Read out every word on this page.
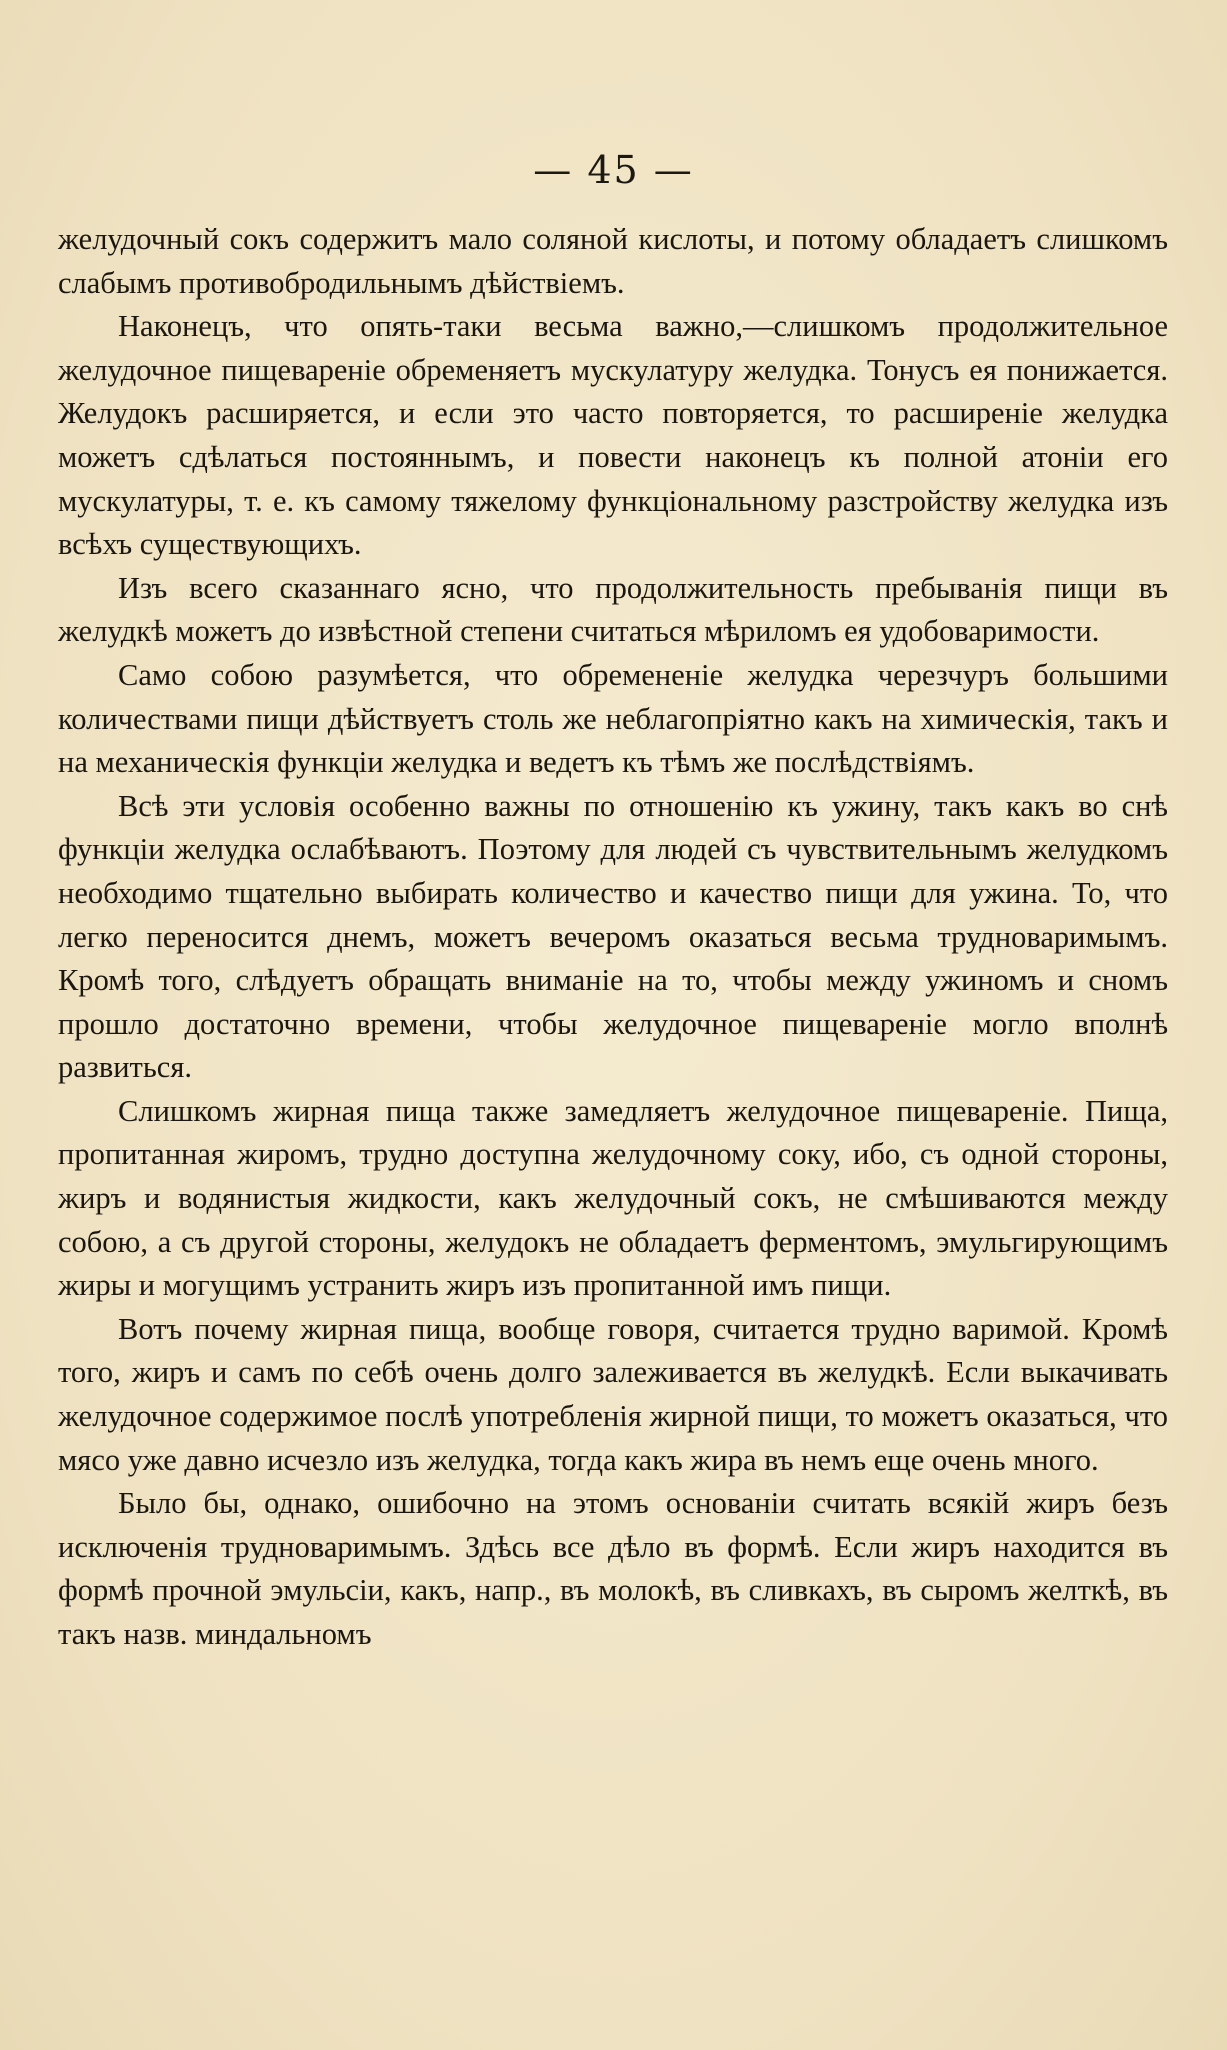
— 45 —

желудочный сокъ содержитъ мало соляной кислоты, и потому обладаетъ слишкомъ слабымъ противобродильнымъ дѣйствіемъ.

Наконецъ, что опять-таки весьма важно,—слишкомъ продолжительное желудочное пищевареніе обременяетъ мускулатуру желудка. Тонусъ ея понижается. Желудокъ расширяется, и если это часто повторяется, то расширеніе желудка можетъ сдѣлаться постояннымъ, и повести наконецъ къ полной атоніи его мускулатуры, т. е. къ самому тяжелому функціональному разстройству желудка изъ всѣхъ существующихъ.

Изъ всего сказаннаго ясно, что продолжительность пребыванія пищи въ желудкѣ можетъ до извѣстной степени считаться мѣриломъ ея удобоваримости.

Само собою разумѣется, что обремененіе желудка черезчуръ большими количествами пищи дѣйствуетъ столь же неблагопріятно какъ на химическія, такъ и на механическія функціи желудка и ведетъ къ тѣмъ же послѣдствіямъ.

Всѣ эти условія особенно важны по отношенію къ ужину, такъ какъ во снѣ функціи желудка ослабѣваютъ. Поэтому для людей съ чувствительнымъ желудкомъ необходимо тщательно выбирать количество и качество пищи для ужина. То, что легко переносится днемъ, можетъ вечеромъ оказаться весьма трудноваримымъ. Кромѣ того, слѣдуетъ обращать вниманіе на то, чтобы между ужиномъ и сномъ прошло достаточно времени, чтобы желудочное пищевареніе могло вполнѣ развиться.

Слишкомъ жирная пища также замедляетъ желудочное пищевареніе. Пища, пропитанная жиромъ, трудно доступна желудочному соку, ибо, съ одной стороны, жиръ и водянистыя жидкости, какъ желудочный сокъ, не смѣшиваются между собою, а съ другой стороны, желудокъ не обладаетъ ферментомъ, эмульгирующимъ жиры и могущимъ устранить жиръ изъ пропитанной имъ пищи.

Вотъ почему жирная пища, вообще говоря, считается трудно варимой. Кромѣ того, жиръ и самъ по себѣ очень долго залеживается въ желудкѣ. Если выкачивать желудочное содержимое послѣ употребленія жирной пищи, то можетъ оказаться, что мясо уже давно исчезло изъ желудка, тогда какъ жира въ немъ еще очень много.

Было бы, однако, ошибочно на этомъ основаніи считать всякій жиръ безъ исключенія трудноваримымъ. Здѣсь все дѣло въ формѣ. Если жиръ находится въ формѣ прочной эмульсіи, какъ, напр., въ молокѣ, въ сливкахъ, въ сыромъ желткѣ, въ такъ назв. миндальномъ
